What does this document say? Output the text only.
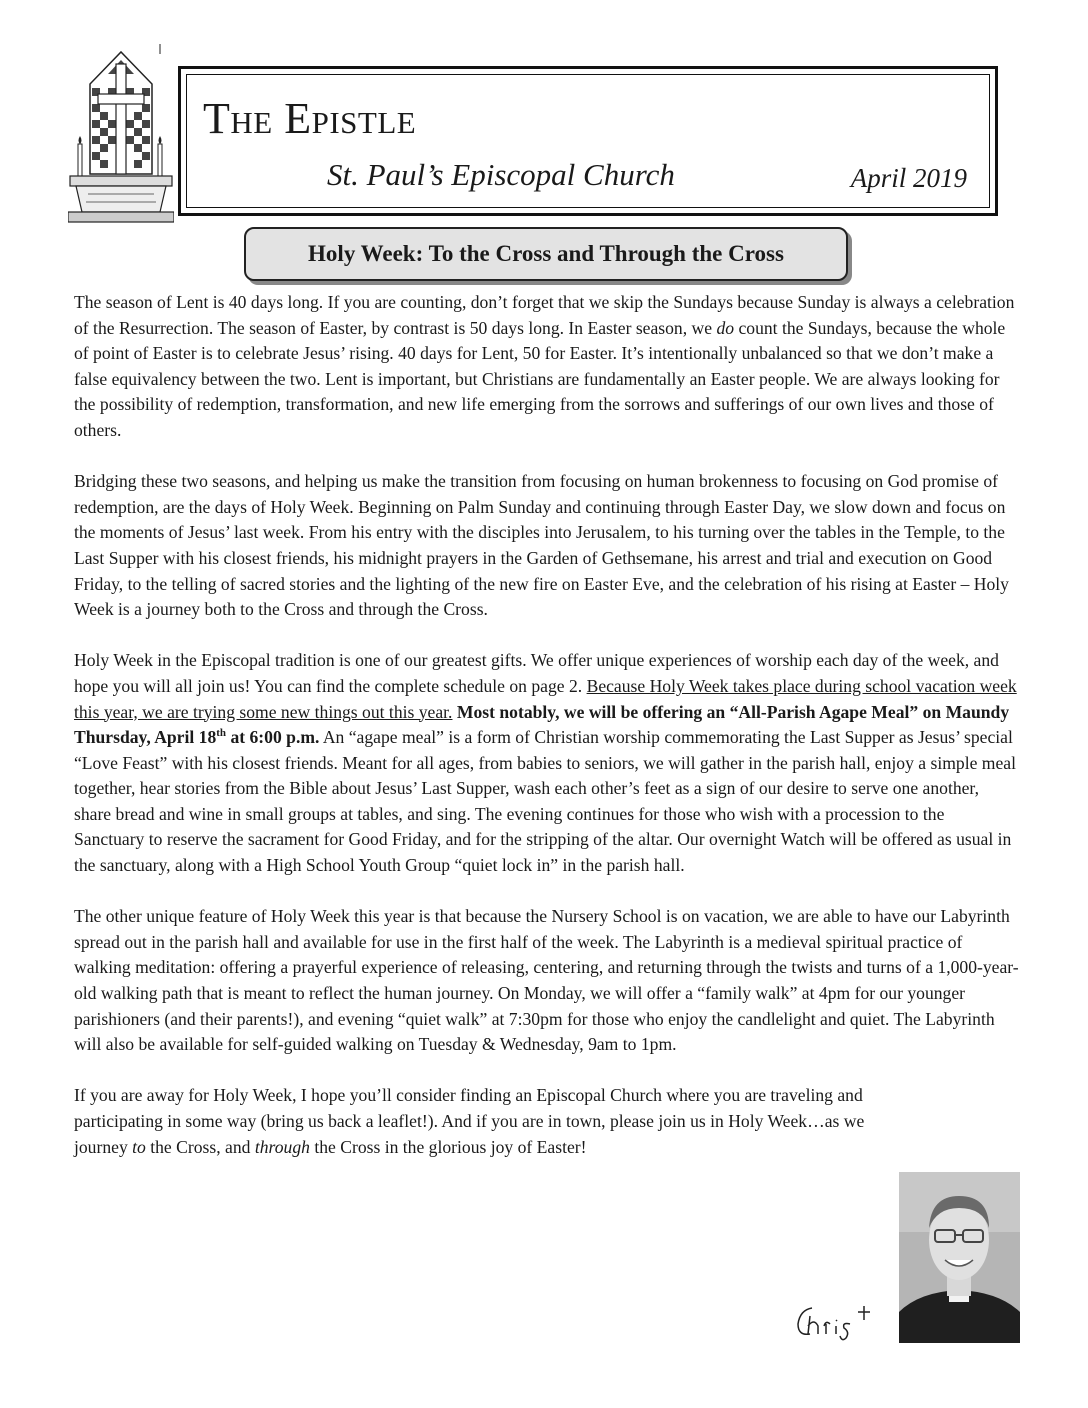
The Epistle
St. Paul’s Episcopal Church	April 2019
Holy Week: To the Cross and Through the Cross

The season of Lent is 40 days long. If you are counting, don’t forget that we skip the Sundays because Sunday is always a celebration of the Resurrection. The season of Easter, by contrast is 50 days long. In Easter season, we do count the Sundays, because the whole of point of Easter is to celebrate Jesus’ rising. 40 days for Lent, 50 for Easter. It’s intentionally unbalanced so that we don’t make a false equivalency between the two. Lent is important, but Christians are fundamentally an Easter people. We are always looking for the possibility of redemption, transformation, and new life emerging from the sorrows and sufferings of our own lives and those of others.

Bridging these two seasons, and helping us make the transition from focusing on human brokenness to focusing on God promise of redemption, are the days of Holy Week. Beginning on Palm Sunday and continuing through Easter Day, we slow down and focus on the moments of Jesus’ last week. From his entry with the disciples into Jerusalem, to his turning over the tables in the Temple, to the Last Supper with his closest friends, his midnight prayers in the Garden of Gethsemane, his arrest and trial and execution on Good Friday, to the telling of sacred stories and the lighting of the new fire on Easter Eve, and the celebration of his rising at Easter – Holy Week is a journey both to the Cross and through the Cross.

Holy Week in the Episcopal tradition is one of our greatest gifts. We offer unique experiences of worship each day of the week, and hope you will all join us! You can find the complete schedule on page 2. Because Holy Week takes place during school vacation week this year, we are trying some new things out this year. Most notably, we will be offering an “All-Parish Agape Meal” on Maundy Thursday, April 18th at 6:00 p.m. An “agape meal” is a form of Christian worship commemorating the Last Supper as Jesus’ special “Love Feast” with his closest friends. Meant for all ages, from babies to seniors, we will gather in the parish hall, enjoy a simple meal together, hear stories from the Bible about Jesus’ Last Supper, wash each other’s feet as a sign of our desire to serve one another, share bread and wine in small groups at tables, and sing. The evening continues for those who wish with a procession to the Sanctuary to reserve the sacrament for Good Friday, and for the stripping of the altar. Our overnight Watch will be offered as usual in the sanctuary, along with a High School Youth Group “quiet lock in” in the parish hall.

The other unique feature of Holy Week this year is that because the Nursery School is on vacation, we are able to have our Labyrinth spread out in the parish hall and available for use in the first half of the week. The Labyrinth is a medieval spiritual practice of walking meditation: offering a prayerful experience of releasing, centering, and returning through the twists and turns of a 1,000-year-old walking path that is meant to reflect the human journey. On Monday, we will offer a “family walk” at 4pm for our younger parishioners (and their parents!), and evening “quiet walk” at 7:30pm for those who enjoy the candlelight and quiet. The Labyrinth will also be available for self-guided walking on Tuesday & Wednesday, 9am to 1pm.

If you are away for Holy Week, I hope you’ll consider finding an Episcopal Church where you are traveling and participating in some way (bring us back a leaflet!). And if you are in town, please join us in Holy Week…as we journey to the Cross, and through the Cross in the glorious joy of Easter!
